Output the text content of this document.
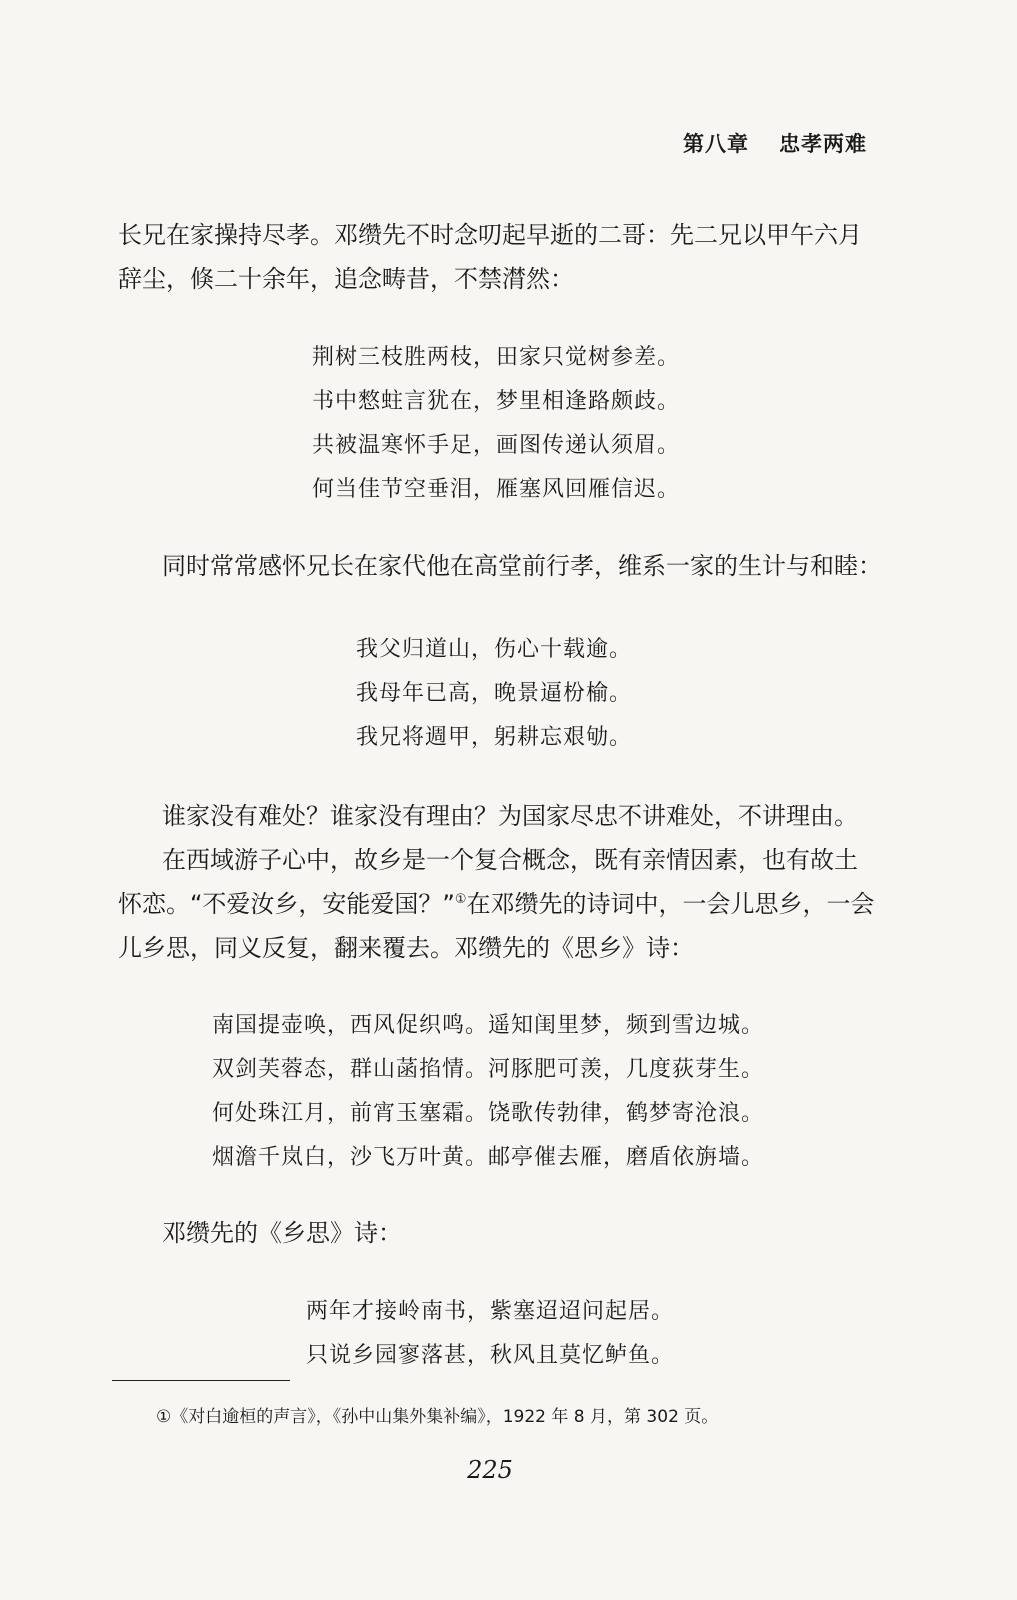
第八章 忠孝两难
长兄在家操持尽孝。邓缵先不时念叨起早逝的二哥：先二兄以甲午六月
辞尘，倏二十余年，追念畴昔，不禁潸然：
荆树三枝胜两枝，田家只觉树参差。
书中憗蛀言犹在，梦里相逢路颇歧。
共被温寒怀手足，画图传递认须眉。
何当佳节空垂泪，雁塞风回雁信迟。
同时常常感怀兄长在家代他在高堂前行孝，维系一家的生计与和睦：
我父归道山，伤心十载逾。
我母年已高，晚景逼枌榆。
我兄将週甲，躬耕忘艰劬。
谁家没有难处？谁家没有理由？为国家尽忠不讲难处，不讲理由。
在西域游子心中，故乡是一个复合概念，既有亲情因素，也有故土
怀恋。“不爱汝乡，安能爱国？”①在邓缵先的诗词中，一会儿思乡，一会
儿乡思，同义反复，翻来覆去。邓缵先的《思乡》诗：
南国提壶唤，西风促织鸣。遥知闺里梦，频到雪边城。
双剑芙蓉态，群山菡掐情。河豚肥可羡，几度荻芽生。
何处珠江月，前宵玉塞霜。饶歌传勃律，鹤梦寄沧浪。
烟澹千岚白，沙飞万叶黄。邮亭催去雁，磨盾依旃墙。
邓缵先的《乡思》诗：
两年才接岭南书，紫塞迢迢问起居。
只说乡园寥落甚，秋风且莫忆鲈鱼。
①《对白逾桓的声言》，《孙中山集外集补编》，1922 年 8 月，第 302 页。
225
